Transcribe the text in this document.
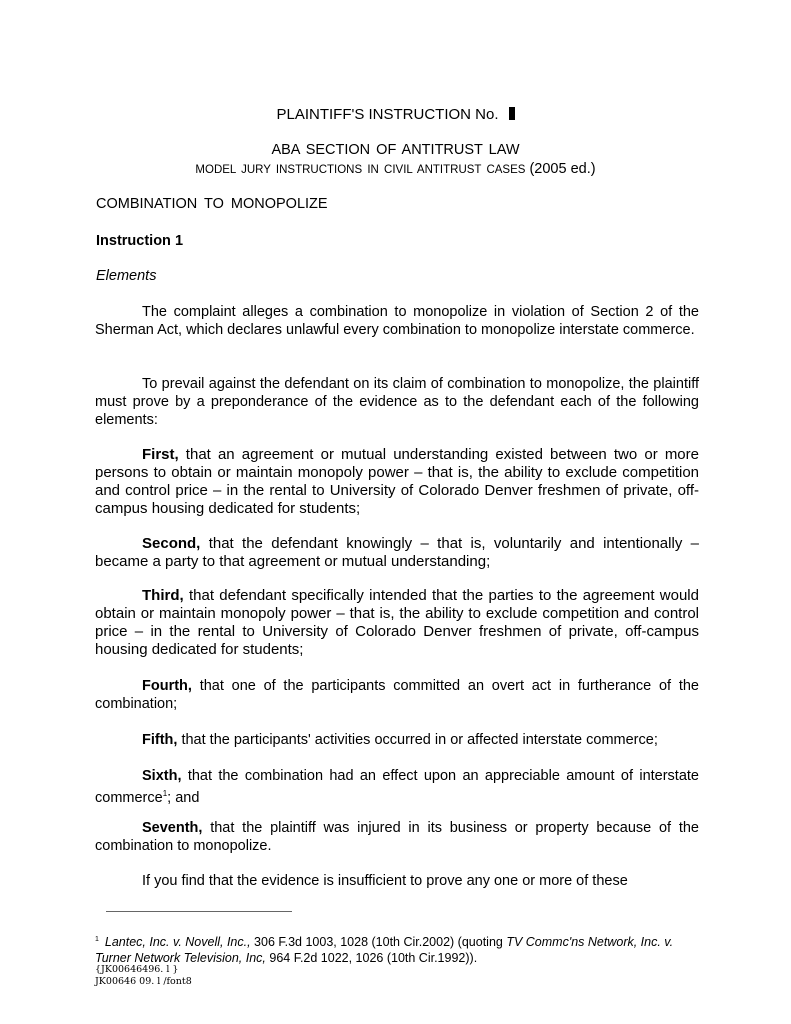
PLAINTIFF'S INSTRUCTION No.
ABA SECTION OF ANTITRUST LAW
MODEL JURY INSTRUCTIONS IN CIVIL ANTITRUST CASES (2005 ed.)
COMBINATION TO MONOPOLIZE
Instruction 1
Elements
The complaint alleges a combination to monopolize in violation of Section 2 of the Sherman Act, which declares unlawful every combination to monopolize interstate commerce.
To prevail against the defendant on its claim of combination to monopolize, the plaintiff must prove by a preponderance of the evidence as to the defendant each of the following elements:
First, that an agreement or mutual understanding existed between two or more persons to obtain or maintain monopoly power – that is, the ability to exclude competition and control price – in the rental to University of Colorado Denver freshmen of private, off-campus housing dedicated for students;
Second, that the defendant knowingly – that is, voluntarily and intentionally – became a party to that agreement or mutual understanding;
Third, that defendant specifically intended that the parties to the agreement would obtain or maintain monopoly power – that is, the ability to exclude competition and control price – in the rental to University of Colorado Denver freshmen of private, off-campus housing dedicated for students;
Fourth, that one of the participants committed an overt act in furtherance of the combination;
Fifth, that the participants' activities occurred in or affected interstate commerce;
Sixth, that the combination had an effect upon an appreciable amount of interstate commerce$^1$; and
Seventh, that the plaintiff was injured in its business or property because of the combination to monopolize.
If you find that the evidence is insufficient to prove any one or more of these
$^1$ Lantec, Inc. v. Novell, Inc., 306 F.3d 1003, 1028 (10th Cir.2002) (quoting TV Commc'ns Network, Inc. v. Turner Network Television, Inc, 964 F.2d 1022, 1026 (10th Cir.1992)).
{JK00646496. l }
JK00646 09. l /font8
